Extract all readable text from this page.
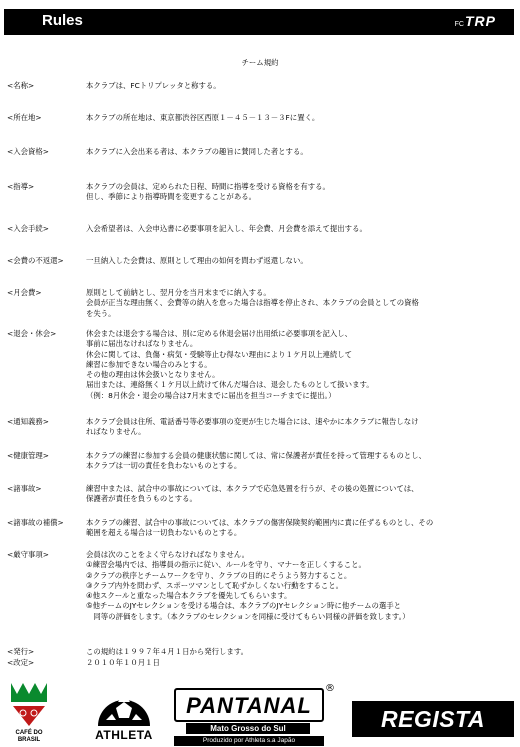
Rules	FCTRP
チーム規約
<名称>	本クラブは、FCトリプレッタと称する。
<所在地>	本クラブの所在地は、東京都渋谷区西原１－４５－１３－３Fに置く。
<入会資格>	本クラブに入会出来る者は、本クラブの趣旨に賛同した者とする。
<指導>	本クラブの会員は、定められた日程、時間に指導を受ける資格を有する。
但し、季節により指導時間を変更することがある。
<入会手続>	入会希望者は、入会申込書に必要事項を記入し、年会費、月会費を添えて提出する。
<会費の不返還>	一旦納入した会費は、原則として理由の如何を問わず返還しない。
<月会費>	原則として前納とし、翌月分を当月末までに納入する。
会員が正当な理由無く、会費等の納入を怠った場合は指導を停止され、本クラブの会員としての資格
を失う。
<退会・休会>	休会または退会する場合は、別に定める休退会届け出用紙に必要事項を記入し、
事前に届出なければなりません。
休会に関しては、負傷・病気・受験等止む得ない理由により１ケ月以上連続して
練習に参加できない場合のみとする。
その他の理由は休会扱いとなりません。
届出または、連絡無く１ケ月以上続けて休んだ場合は、退会したものとして扱います。
（例：8月休会・退会の場合は7月末までに届出を担当コーチまでに提出。）
<通知義務>	本クラブ会員は住所、電話番号等必要事項の変更が生じた場合には、速やかに本クラブに報告しなけ
ればなりません。
<健康管理>	本クラブの練習に参加する会員の健康状態に関しては、常に保護者が責任を持って管理するものとし、
本クラブは一切の責任を負わないものとする。
<諸事故>	練習中または、試合中の事故については、本クラブで応急処置を行うが、その後の処置については、
保護者が責任を負うものとする。
<諸事故の補償>	本クラブの練習、試合中の事故については、本クラブの傷害保険契約範囲内に責に任ずるものとし、その
範囲を超える場合は一切負わないものとする。
<厳守事項>	会員は次のことをよく守らなければなりません。
①練習会場内では、指導員の指示に従い、ルールを守り、マナーを正しくすること。
②クラブの秩序とチームワークを守り、クラブの目的にそうよう努力すること。
③クラブ内外を問わず、スポーツマンとして恥ずかしくない行動をすること。
④他スクールと重なった場合本クラブを優先してもらいます。
⑤他チームのJYセレクションを受ける場合は、本クラブのJYセレクション時に他チームの選手と
　同等の評価をします。（本クラブのセレクションを同様に受けてもらい同様の評価を致します。）
<発行>	この規約は１９９７年４月１日から発行します。
<改定>	２０１０年１０月１日
CAFÉ DO BRASIL	ATHLETA
PANTANAL
®
Mato Grosso do Sul
Produzido por Athleta s.a Japão
REGISTA
